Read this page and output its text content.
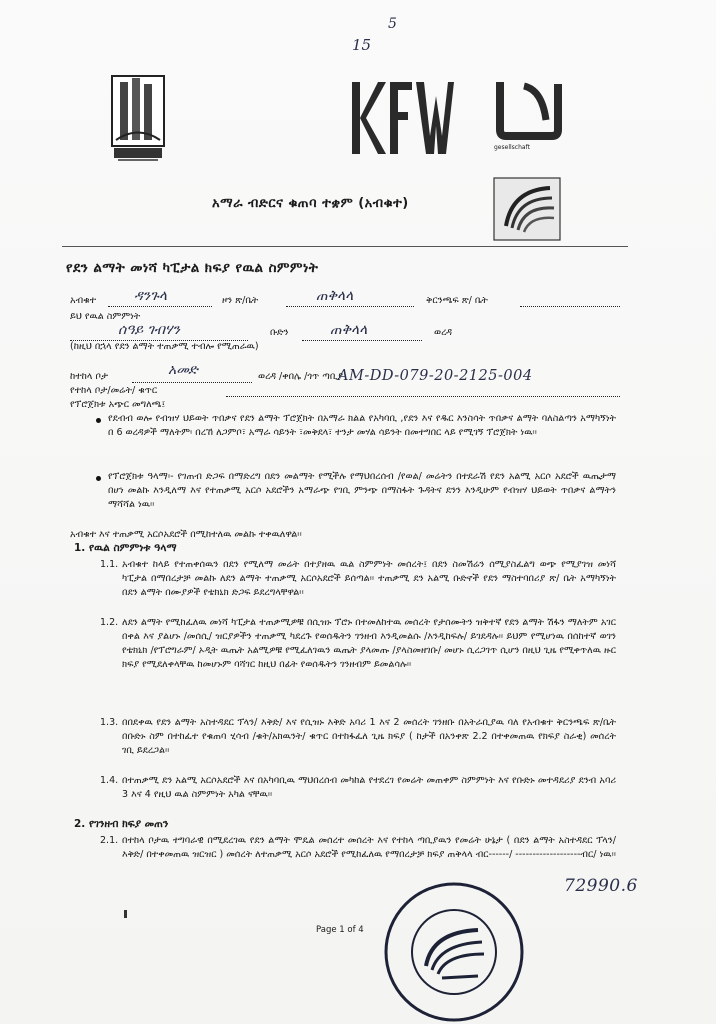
15
5
gesellschaft
አማራ ብድርና ቁጠባ ተቋም (አብቁተ)
የደን ልማት መነሻ ካፒታል ክፍያ የዉል ስምምነት
አብቁተ	ዳንጉላ	ዞን ጽ/ቤት	ጠቅላላ	ቅርንጫፍ ጽ/ ቤት
ይህ የዉል ስምምነት
ሰዓይ ገብሃን	ቡድን	ጠቅላላ	ወረዳ
(ከዚህ በኋላ የደን ልማት ተጠቃሚ ተብሎ የሚጠራዉ)
ከተከላ ቦታ	አመድ	ወረዳ /ቀበሌ /ጎጥ ጣቢያ
የተከላ ቦታ/መሬት/ ቁጥር
AM-DD-079-20-2125-004
የፕሮጀክቱ አጭር መግለጫ፤
የደብብ ወሎ የብዝሃ ህይወት ጥበቃና የደን ልማት ፕሮጀክት በአማራ ክልል የአካባቢ ,የደን እና የዱር እንስሳት ጥበቃና ልማት ባለስልጣን አማካኝነት በ 6 ወረዳዎች ማለትም፡ በረኸ ለጋምቦ፣ አማራ ሳይንት ፣መቅደላ፣ ተንታ መሃል ሳይንት በመተግበር ላይ የሚገኝ ፕሮጀክት ነዉ፡፡
የፕሮጀክቱ ዓላማ፡- የገጠብ ድጋፍ በማድረግ በደን መልማት የሚችሉ የማህበረሰብ /የወል/ መሬትን በተደራሽ የደን አልሚ አርሶ አደሮች ዉጤታማ በሆነ መልኩ እንዲለማ እና የተጠቃሚ አርሶ አደሮችን አማራጭ የገቢ ምንጭ በማስፋት ጉዳትና ደንን እንዲሁም የብዝሃ ህይወት ጥበቃና ልማትን ማሻሻል ነዉ፡፡
አብቁተ እና ተጠቃሚ አርሶአደሮች በሚከተለዉ መልኩ ተቀዉለዋል፡፡
1. የዉል ስምምነቱ ዓላማ
1.1. አብቁተ ከላይ የተጠቀሰዉን በደን የሚለማ መሬት በተያዘዉ ዉል ስምምነት መሰረት፤ በደን ስመሽሬን ሰሚያስፈልግ ወጭ የሚያገዝ መነሻ ካፒታል በማበረታቻ መልኩ ለደን ልማት ተጠቃሚ አርሶአደሮች ይሰጣል፡፡ ተጠቃሚ ደን አልሚ ቡድኖች የደን ማስተባበሪያ ጽ/ ቤት አማካኝነት በደን ልማት በሙያዎች የቴክኒክ ድጋፍ ይደረግላቸዋል፡፡
1.2. ለደን ልማት የሚከፈለዉ መነሻ ካፒታል ተጠቃሚዎቹ በሲዝኑ ፕሮኑ በተመለከተዉ መሰረት የታሰሙትን ዝቅተኛ የደን ልማት ሽፋን ማለትም አገር በቀል እና ያልሆኑ /መሰሲ/ ዝርያዎችን ተጠቃሚ ካደረጉ የወሰዱትን ገንዘብ እንዲመልሱ /እንዲከፍሉ/ ይገደዳሉ፡፡ ይህም የሚሆነዉ በሰከተኛ ወገን የቴክኒክ /የፕሮግራም/ ኦዲት ዉጤት አልሚዎቹ የሚፈለገዉን ዉጤት ያላመጡ /ያላስመዘገቡ/ መሆኑ ሲረጋገጥ ሲሆን በዚህ ጊዜ የሚቀጥለዉ ዙር ክፍያ የሚደለቀላቸዉ ከመሆኑም ባሻገር ከዚህ በፊት የወሰዱትን ገንዘብም ይመልሳሉ፡፡
1.3. በበደቀዉ የደን ልማት አስተዳደር ፕላን/ እቅድ/ እና የሲዝኑ እቅድ አባሪ 1 እና 2 መሰረት ገንዘቡ በአትራቢያዉ ባለ የአብቁተ ቅርንጫፍ ጽ/ቤት በቡድኑ ስም በተከፈተ የቁጠባ ሂሳብ /ቁት/አክዉንት/ ቁጥር በተከፋፈለ ጊዜ ክፍያ ( ከታች በአንቀጽ 2.2 በተቀመጠዉ የክፍያ ስራቂ) መሰረት ገቢ ይደረጋል፡፡
1.4. በተጠቃሚ ደን አልሚ አርሶአደሮች እና በአካባቢዉ ማህበረሰብ መካከል የተደረገ የመሬት መጠቀም ስምምነት እና የቡድኑ መተዳደሪያ ደንብ አባሪ 3 እና 4 የዚህ ዉል ስምምነት አካል ናቸዉ፡፡
2. የገንዘብ ክፍያ መጠን
2.1. በተከላ ቦታዉ ተግባራዊ በሚደረገዉ የደን ልማት ሞዴል መሰረተ መሰረት እና የተከላ ጣቢያዉን የመሬት ሁኔታ ( በደን ልማት አስተዳደር ፕላን/እቅድ/ በተቀመጠዉ ዝርዝር ) መሰረት ለተጠቃሚ አርሶ አደሮች የሚከፈለዉ የማበረታቻ ክፍያ ጠቅላላ ብር------/ -------------------ብር/ ነዉ፡፡
72990.6
Page 1 of 4
